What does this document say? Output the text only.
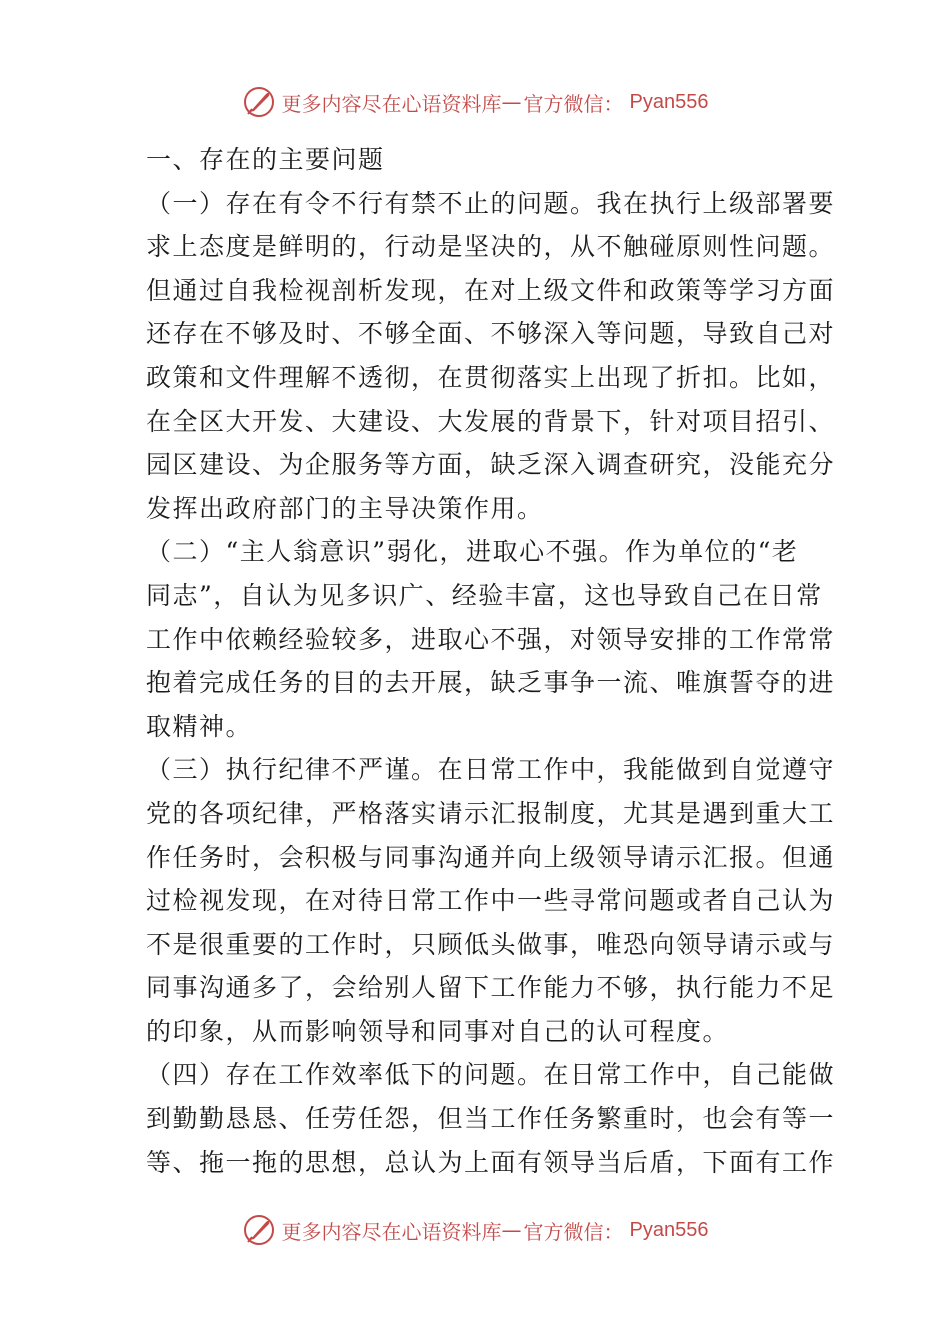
更多内容尽在心语资料库 — 官方微信： Pyan556
一、存在的主要问题
（一）存在有令不行有禁不止的问题。我在执行上级部署要
求上态度是鲜明的，行动是坚决的，从不触碰原则性问题。
但通过自我检视剖析发现，在对上级文件和政策等学习方面
还存在不够及时、不够全面、不够深入等问题，导致自己对
政策和文件理解不透彻，在贯彻落实上出现了折扣。比如，
在全区大开发、大建设、大发展的背景下，针对项目招引、
园区建设、为企服务等方面，缺乏深入调查研究，没能充分
发挥出政府部门的主导决策作用。
（二）“主人翁意识”弱化，进取心不强。作为单位的“老
同志”，自认为见多识广、经验丰富，这也导致自己在日常
工作中依赖经验较多，进取心不强，对领导安排的工作常常
抱着完成任务的目的去开展，缺乏事争一流、唯旗誓夺的进
取精神。
（三）执行纪律不严谨。在日常工作中，我能做到自觉遵守
党的各项纪律，严格落实请示汇报制度，尤其是遇到重大工
作任务时，会积极与同事沟通并向上级领导请示汇报。但通
过检视发现，在对待日常工作中一些寻常问题或者自己认为
不是很重要的工作时，只顾低头做事，唯恐向领导请示或与
同事沟通多了，会给别人留下工作能力不够，执行能力不足
的印象，从而影响领导和同事对自己的认可程度。
（四）存在工作效率低下的问题。在日常工作中，自己能做
到勤勤恳恳、任劳任怨，但当工作任务繁重时，也会有等一
等、拖一拖的思想，总认为上面有领导当后盾，下面有工作
更多内容尽在心语资料库 — 官方微信： Pyan556
